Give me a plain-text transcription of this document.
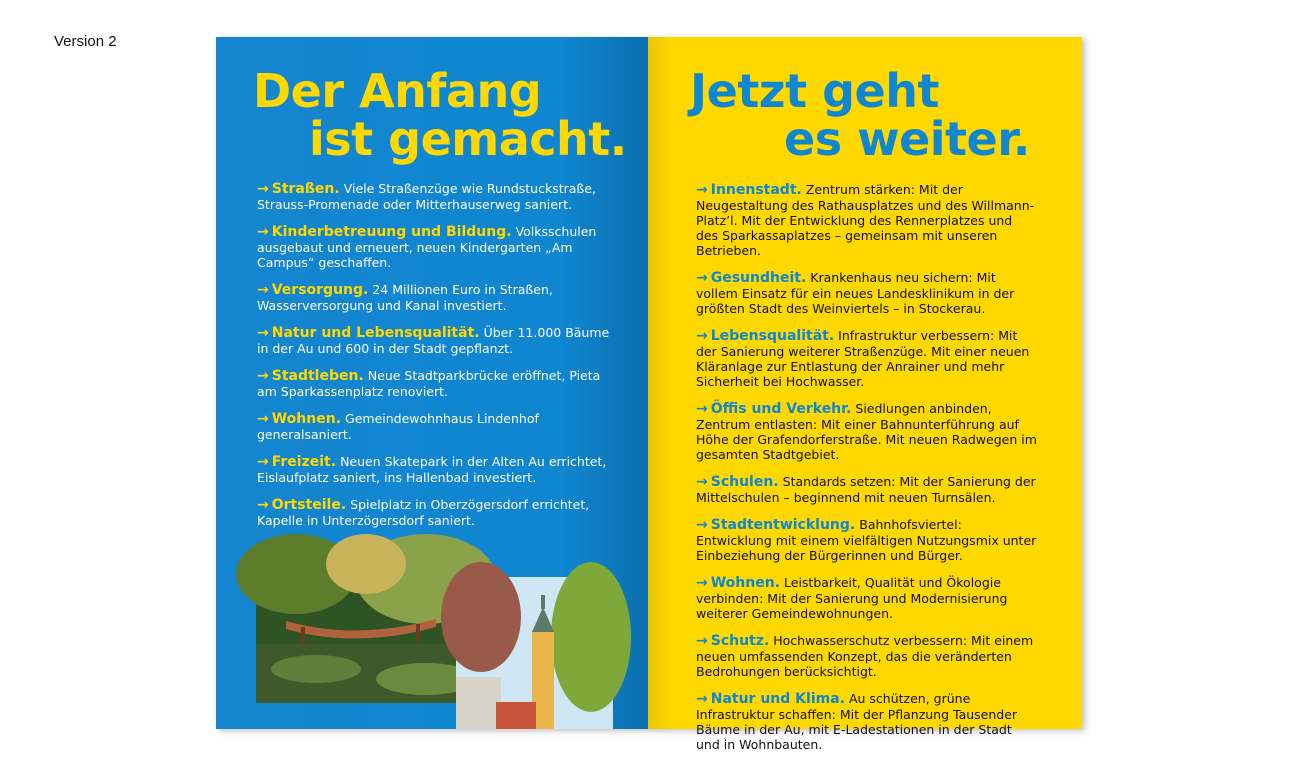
Version 2
Der Anfang
ist gemacht.
→ Straßen. Viele Straßenzüge wie Rundstuckstraße, Strauss-Promenade oder Mitterhauserweg saniert.
→ Kinderbetreuung und Bildung. Volksschulen ausgebaut und erneuert, neuen Kindergarten „Am Campus“ geschaffen.
→ Versorgung. 24 Millionen Euro in Straßen, Wasserversorgung und Kanal investiert.
→ Natur und Lebensqualität. Über 11.000 Bäume in der Au und 600 in der Stadt gepflanzt.
→ Stadtleben. Neue Stadtparkbrücke eröffnet, Pieta am Sparkassenplatz renoviert.
→ Wohnen. Gemeindewohnhaus Lindenhof generalsaniert.
→ Freizeit. Neuen Skatepark in der Alten Au errichtet, Eislaufplatz saniert, ins Hallenbad investiert.
→ Ortsteile. Spielplatz in Oberzögersdorf errichtet, Kapelle in Unterzögersdorf saniert.
Jetzt geht
es weiter.
→ Innenstadt. Zentrum stärken: Mit der Neugestaltung des Rathausplatzes und des Willmann-Platz’l. Mit der Entwicklung des Rennerplatzes und des Sparkassaplatzes – gemeinsam mit unseren Betrieben.
→ Gesundheit. Krankenhaus neu sichern: Mit vollem Einsatz für ein neues Landesklinikum in der größten Stadt des Weinviertels – in Stockerau.
→ Lebensqualität. Infrastruktur verbessern: Mit der Sanierung weiterer Straßenzüge. Mit einer neuen Kläranlage zur Entlastung der Anrainer und mehr Sicherheit bei Hochwasser.
→ Öffis und Verkehr. Siedlungen anbinden, Zentrum entlasten: Mit einer Bahnunterführung auf Höhe der Grafendorferstraße. Mit neuen Radwegen im gesamten Stadtgebiet.
→ Schulen. Standards setzen: Mit der Sanierung der Mittelschulen – beginnend mit neuen Turnsälen.
→ Stadtentwicklung. Bahnhofsviertel: Entwicklung mit einem vielfältigen Nutzungsmix unter Einbeziehung der Bürgerinnen und Bürger.
→ Wohnen. Leistbarkeit, Qualität und Ökologie verbinden: Mit der Sanierung und Modernisierung weiterer Gemeindewohnungen.
→ Schutz. Hochwasserschutz verbessern: Mit einem neuen umfassenden Konzept, das die veränderten Bedrohungen berücksichtigt.
→ Natur und Klima. Au schützen, grüne Infrastruktur schaffen: Mit der Pflanzung Tausender Bäume in der Au, mit E-Ladestationen in der Stadt und in Wohnbauten.
